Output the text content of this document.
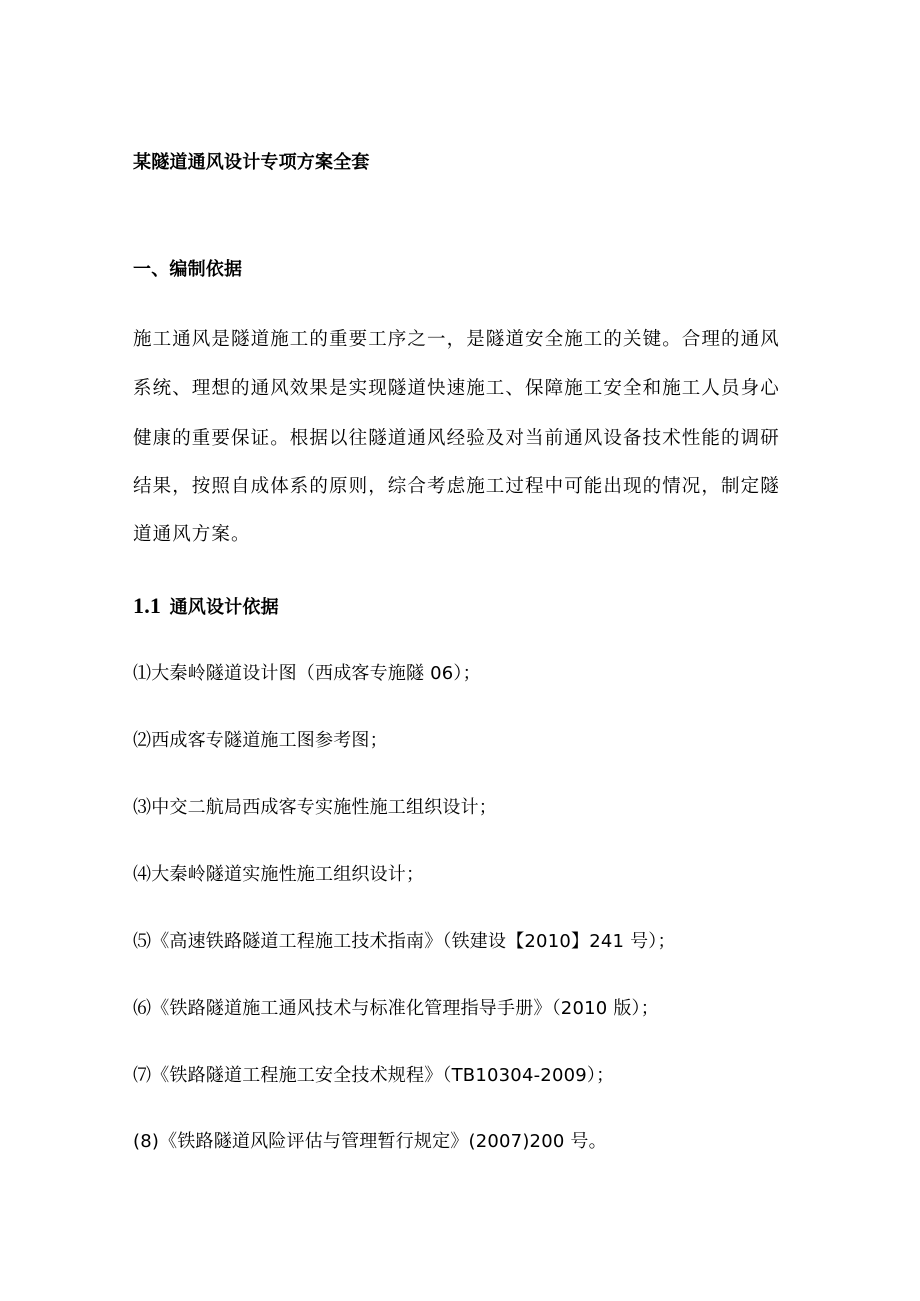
某隧道通风设计专项方案全套
一、编制依据
施工通风是隧道施工的重要工序之一，是隧道安全施工的关键。合理的通风
系统、理想的通风效果是实现隧道快速施工、保障施工安全和施工人员身心
健康的重要保证。根据以往隧道通风经验及对当前通风设备技术性能的调研
结果，按照自成体系的原则，综合考虑施工过程中可能出现的情况，制定隧
道通风方案。
1.1 通风设计依据
⑴大秦岭隧道设计图（西成客专施隧 06）；
⑵西成客专隧道施工图参考图；
⑶中交二航局西成客专实施性施工组织设计；
⑷大秦岭隧道实施性施工组织设计；
⑸《高速铁路隧道工程施工技术指南》（铁建设【2010】241 号）；
⑹《铁路隧道施工通风技术与标准化管理指导手册》（2010 版）；
⑺《铁路隧道工程施工安全技术规程》（TB10304-2009）；
(8)《铁路隧道风险评估与管理暂行规定》(2007)200 号。
